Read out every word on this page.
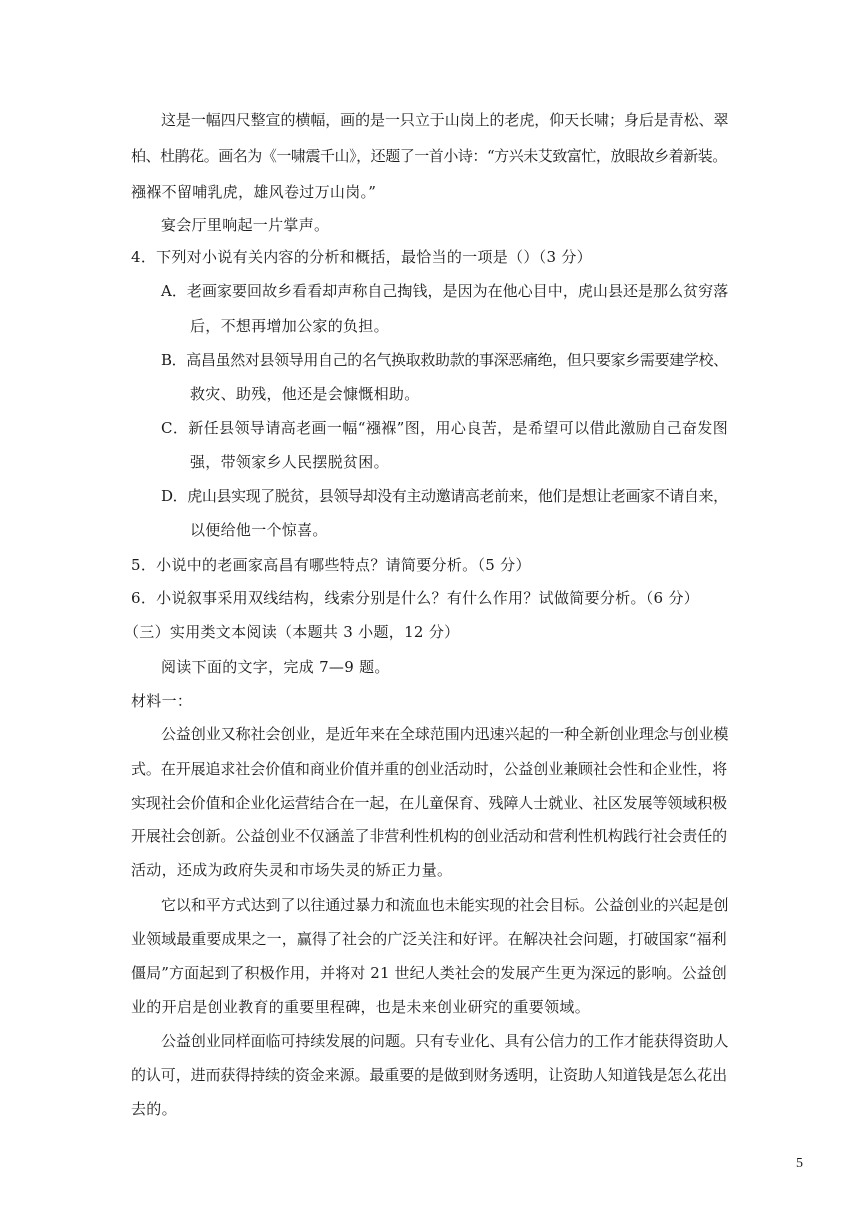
这是一幅四尺整宣的横幅，画的是一只立于山岗上的老虎，仰天长啸；身后是青松、翠
柏、杜鹃花。画名为《一啸震千山》，还题了一首小诗：“方兴未艾致富忙，放眼故乡着新装。
襁褓不留哺乳虎，雄风卷过万山岗。”
宴会厅里响起一片掌声。
4．下列对小说有关内容的分析和概括，最恰当的一项是（）（3 分）
A．老画家要回故乡看看却声称自己掏钱，是因为在他心目中，虎山县还是那么贫穷落
后，不想再增加公家的负担。
B．高昌虽然对县领导用自己的名气换取救助款的事深恶痛绝，但只要家乡需要建学校、
救灾、助残，他还是会慷慨相助。
C．新任县领导请高老画一幅“襁褓”图，用心良苦，是希望可以借此激励自己奋发图
强，带领家乡人民摆脱贫困。
D．虎山县实现了脱贫，县领导却没有主动邀请高老前来，他们是想让老画家不请自来，
以便给他一个惊喜。
5．小说中的老画家高昌有哪些特点？请简要分析。（5 分）
6．小说叙事采用双线结构，线索分别是什么？有什么作用？试做简要分析。（6 分）
（三）实用类文本阅读（本题共 3 小题，12 分）
阅读下面的文字，完成 7—9 题。
材料一：
公益创业又称社会创业，是近年来在全球范围内迅速兴起的一种全新创业理念与创业模
式。在开展追求社会价值和商业价值并重的创业活动时，公益创业兼顾社会性和企业性，将
实现社会价值和企业化运营结合在一起，在儿童保育、残障人士就业、社区发展等领域积极
开展社会创新。公益创业不仅涵盖了非营利性机构的创业活动和营利性机构践行社会责任的
活动，还成为政府失灵和市场失灵的矫正力量。
它以和平方式达到了以往通过暴力和流血也未能实现的社会目标。公益创业的兴起是创
业领域最重要成果之一，赢得了社会的广泛关注和好评。在解决社会问题，打破国家“福利
僵局”方面起到了积极作用，并将对 21 世纪人类社会的发展产生更为深远的影响。公益创
业的开启是创业教育的重要里程碑，也是未来创业研究的重要领域。
公益创业同样面临可持续发展的问题。只有专业化、具有公信力的工作才能获得资助人
的认可，进而获得持续的资金来源。最重要的是做到财务透明，让资助人知道钱是怎么花出
去的。
5
